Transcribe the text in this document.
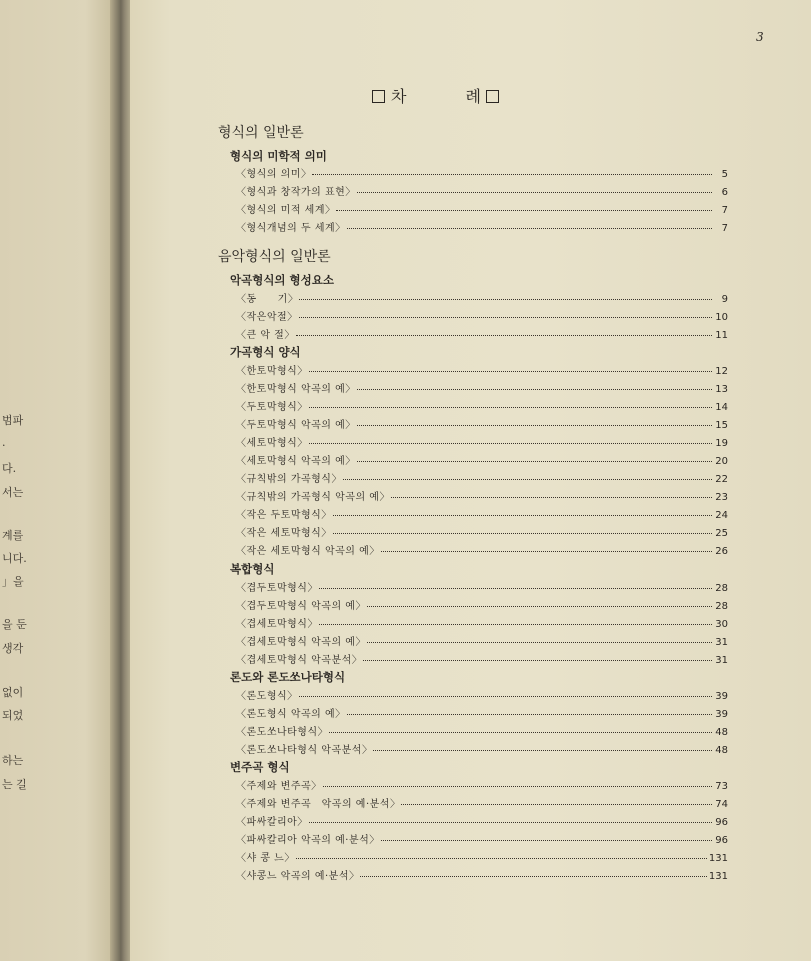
범파
.
다.
서는
계를
니다.
」을
을 둔
생각
없이
되었
하는
는 길
3
차	례
형식의 일반론
형식의 미학적 의미
〈형식의 의미〉	5
〈형식과 창작가의 표현〉	6
〈형식의 미적 세계〉	7
〈형식개념의 두 세계〉	7
음악형식의 일반론
악곡형식의 형성요소
〈동　　기〉	9
〈작은악절〉	10
〈큰 악 절〉	11
가곡형식 양식
〈한토막형식〉	12
〈한토막형식 악곡의 예〉	13
〈두토막형식〉	14
〈두토막형식 악곡의 예〉	15
〈세토막형식〉	19
〈세토막형식 악곡의 예〉	20
〈규칙밖의 가곡형식〉	22
〈규칙밖의 가곡형식 악곡의 예〉	23
〈작은 두토막형식〉	24
〈작은 세토막형식〉	25
〈작은 세토막형식 악곡의 예〉	26
복합형식
〈겹두토막형식〉	28
〈겹두토막형식 악곡의 예〉	28
〈겹세토막형식〉	30
〈겹세토막형식 악곡의 예〉	31
〈겹세토막형식 악곡분석〉	31
론도와 론도쏘나타형식
〈론도형식〉	39
〈론도형식 악곡의 예〉	39
〈론도쏘나타형식〉	48
〈론도쏘나타형식 악곡분석〉	48
변주곡 형식
〈주제와 변주곡〉	73
〈주제와 변주곡　악곡의 예·분석〉	74
〈파싸칼리아〉	96
〈파싸칼리아 악곡의 예·분석〉	96
〈샤 콩 느〉	131
〈샤콩느 악곡의 예·분석〉	131
